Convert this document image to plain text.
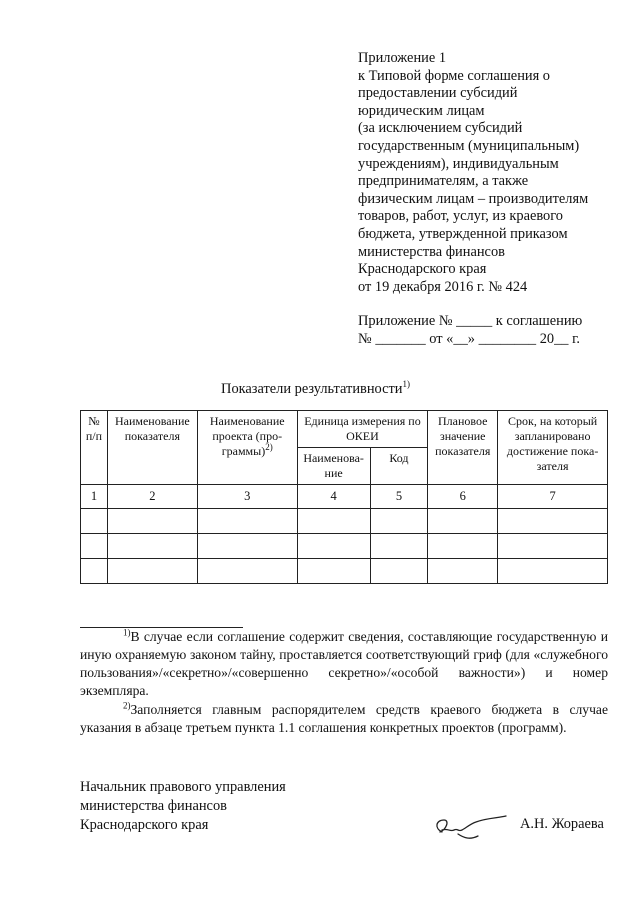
Приложение 1
к Типовой форме соглашения о
предоставлении субсидий
юридическим лицам
(за исключением субсидий
государственным (муниципальным)
учреждениям), индивидуальным
предпринимателям, а также
физическим лицам – производителям
товаров, работ, услуг, из краевого
бюджета, утвержденной приказом
министерства финансов
Краснодарского края
от 19 декабря 2016 г. № 424
Приложение № _____ к соглашению
№ _______ от «__» ________ 20__ г.
Показатели результативности$^{1)}$
№ п/п	Наименование показателя	Наименование проекта (про-граммы)$^{2)}$	Единица измерения по ОКЕИ		Плановое значение показателя	Срок, на который запланировано достижение пока-зателя
			Наименова-ние	Код		
1	2	3	4	5	6	7

$^{1)}$В случае если соглашение содержит сведения, составляющие государственную и иную охраняемую законом тайну, проставляется соответствующий гриф (для «служебного пользования»/«секретно»/«совершенно секретно»/«особой важности») и номер экземпляра.
$^{2)}$Заполняется главным распорядителем средств краевого бюджета в случае указания в абзаце третьем пункта 1.1 соглашения конкретных проектов (программ).
Начальник правового управления
министерства финансов
Краснодарского края	А.Н. Жораева
